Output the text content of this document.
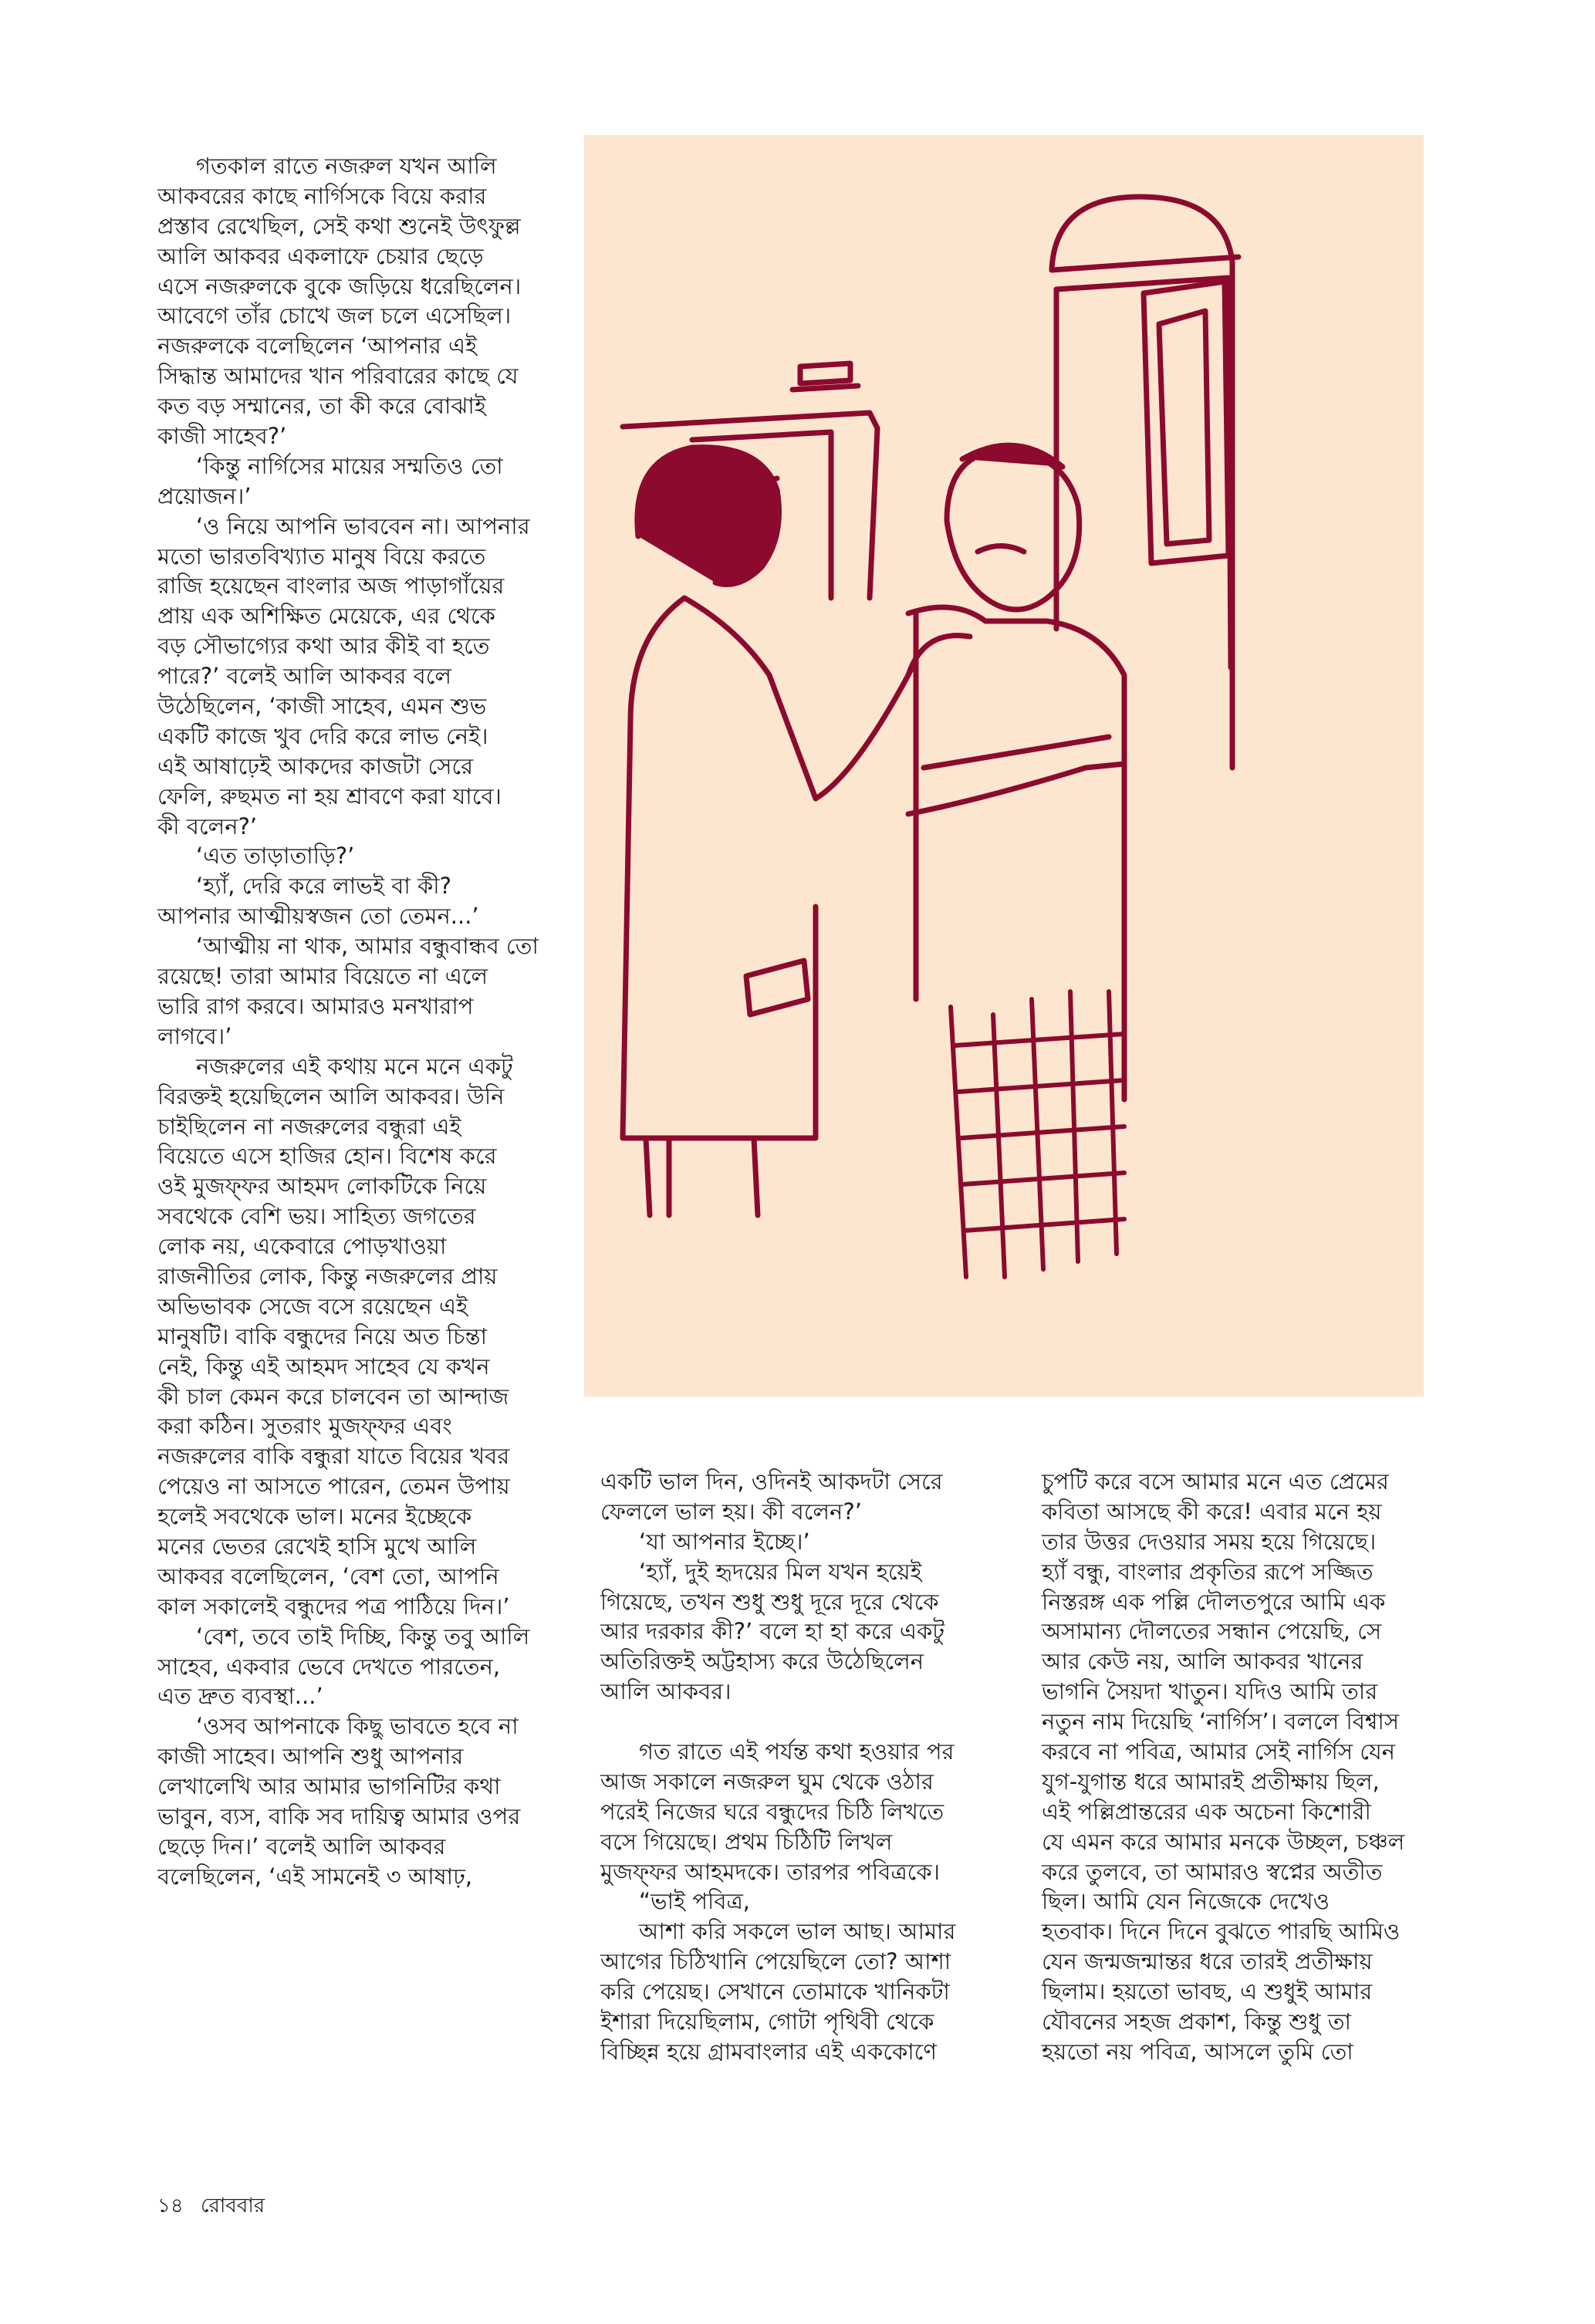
গতকাল রাতে নজরুল যখন আলি
আকবরের কাছে নার্গিসকে বিয়ে করার
প্রস্তাব রেখেছিল, সেই কথা শুনেই উৎফুল্ল
আলি আকবর একলাফে চেয়ার ছেড়ে
এসে নজরুলকে বুকে জড়িয়ে ধরেছিলেন।
আবেগে তাঁর চোখে জল চলে এসেছিল।
নজরুলকে বলেছিলেন ‘আপনার এই
সিদ্ধান্ত আমাদের খান পরিবারের কাছে যে
কত বড় সম্মানের, তা কী করে বোঝাই
কাজী সাহেব?’
‘কিন্তু নার্গিসের মায়ের সম্মতিও তো
প্রয়োজন।’
‘ও নিয়ে আপনি ভাববেন না। আপনার
মতো ভারতবিখ্যাত মানুষ বিয়ে করতে
রাজি হয়েছেন বাংলার অজ পাড়াগাঁয়ের
প্রায় এক অশিক্ষিত মেয়েকে, এর থেকে
বড় সৌভাগ্যের কথা আর কীই বা হতে
পারে?’ বলেই আলি আকবর বলে
উঠেছিলেন, ‘কাজী সাহেব, এমন শুভ
একটি কাজে খুব দেরি করে লাভ নেই।
এই আষাঢ়েই আকদের কাজটা সেরে
ফেলি, রুছমত না হয় শ্রাবণে করা যাবে।
কী বলেন?’
‘এত তাড়াতাড়ি?’
‘হ্যাঁ, দেরি করে লাভই বা কী?
আপনার আত্মীয়স্বজন তো তেমন...’
‘আত্মীয় না থাক, আমার বন্ধুবান্ধব তো
রয়েছে! তারা আমার বিয়েতে না এলে
ভারি রাগ করবে। আমারও মনখারাপ
লাগবে।’
নজরুলের এই কথায় মনে মনে একটু
বিরক্তই হয়েছিলেন আলি আকবর। উনি
চাইছিলেন না নজরুলের বন্ধুরা এই
বিয়েতে এসে হাজির হোন। বিশেষ করে
ওই মুজফ্ফর আহমদ লোকটিকে নিয়ে
সবথেকে বেশি ভয়। সাহিত্য জগতের
লোক নয়, একেবারে পোড়খাওয়া
রাজনীতির লোক, কিন্তু নজরুলের প্রায়
অভিভাবক সেজে বসে রয়েছেন এই
মানুষটি। বাকি বন্ধুদের নিয়ে অত চিন্তা
নেই, কিন্তু এই আহমদ সাহেব যে কখন
কী চাল কেমন করে চালবেন তা আন্দাজ
করা কঠিন। সুতরাং মুজফ্ফর এবং
নজরুলের বাকি বন্ধুরা যাতে বিয়ের খবর
পেয়েও না আসতে পারেন, তেমন উপায়
হলেই সবথেকে ভাল। মনের ইচ্ছেকে
মনের ভেতর রেখেই হাসি মুখে আলি
আকবর বলেছিলেন, ‘বেশ তো, আপনি
কাল সকালেই বন্ধুদের পত্র পাঠিয়ে দিন।’
‘বেশ, তবে তাই দিচ্ছি, কিন্তু তবু আলি
সাহেব, একবার ভেবে দেখতে পারতেন,
এত দ্রুত ব্যবস্থা...’
‘ওসব আপনাকে কিছু ভাবতে হবে না
কাজী সাহেব। আপনি শুধু আপনার
লেখালেখি আর আমার ভাগনিটির কথা
ভাবুন, ব্যস, বাকি সব দায়িত্ব আমার ওপর
ছেড়ে দিন।’ বলেই আলি আকবর
বলেছিলেন, ‘এই সামনেই ৩ আষাঢ়,
একটি ভাল দিন, ওদিনই আকদটা সেরে
ফেললে ভাল হয়। কী বলেন?’
‘যা আপনার ইচ্ছে।’
‘হ্যাঁ, দুই হৃদয়ের মিল যখন হয়েই
গিয়েছে, তখন শুধু শুধু দূরে দূরে থেকে
আর দরকার কী?’ বলে হা হা করে একটু
অতিরিক্তই অট্টহাস্য করে উঠেছিলেন
আলি আকবর।
গত রাতে এই পর্যন্ত কথা হওয়ার পর
আজ সকালে নজরুল ঘুম থেকে ওঠার
পরেই নিজের ঘরে বন্ধুদের চিঠি লিখতে
বসে গিয়েছে। প্রথম চিঠিটি লিখল
মুজফ্ফর আহমদকে। তারপর পবিত্রকে।
“ভাই পবিত্র,
আশা করি সকলে ভাল আছ। আমার
আগের চিঠিখানি পেয়েছিলে তো? আশা
করি পেয়েছ। সেখানে তোমাকে খানিকটা
ইশারা দিয়েছিলাম, গোটা পৃথিবী থেকে
বিচ্ছিন্ন হয়ে গ্রামবাংলার এই এককোণে
চুপটি করে বসে আমার মনে এত প্রেমের
কবিতা আসছে কী করে! এবার মনে হয়
তার উত্তর দেওয়ার সময় হয়ে গিয়েছে।
হ্যাঁ বন্ধু, বাংলার প্রকৃতির রূপে সজ্জিত
নিস্তরঙ্গ এক পল্লি দৌলতপুরে আমি এক
অসামান্য দৌলতের সন্ধান পেয়েছি, সে
আর কেউ নয়, আলি আকবর খানের
ভাগনি সৈয়দা খাতুন। যদিও আমি তার
নতুন নাম দিয়েছি ‘নার্গিস’। বললে বিশ্বাস
করবে না পবিত্র, আমার সেই নার্গিস যেন
যুগ-যুগান্ত ধরে আমারই প্রতীক্ষায় ছিল,
এই পল্লিপ্রান্তরের এক অচেনা কিশোরী
যে এমন করে আমার মনকে উচ্ছল, চঞ্চল
করে তুলবে, তা আমারও স্বপ্নের অতীত
ছিল। আমি যেন নিজেকে দেখেও
হতবাক। দিনে দিনে বুঝতে পারছি আমিও
যেন জন্মজন্মান্তর ধরে তারই প্রতীক্ষায়
ছিলাম। হয়তো ভাবছ, এ শুধুই আমার
যৌবনের সহজ প্রকাশ, কিন্তু শুধু তা
হয়তো নয় পবিত্র, আসলে তুমি তো
১৪ রোববার
